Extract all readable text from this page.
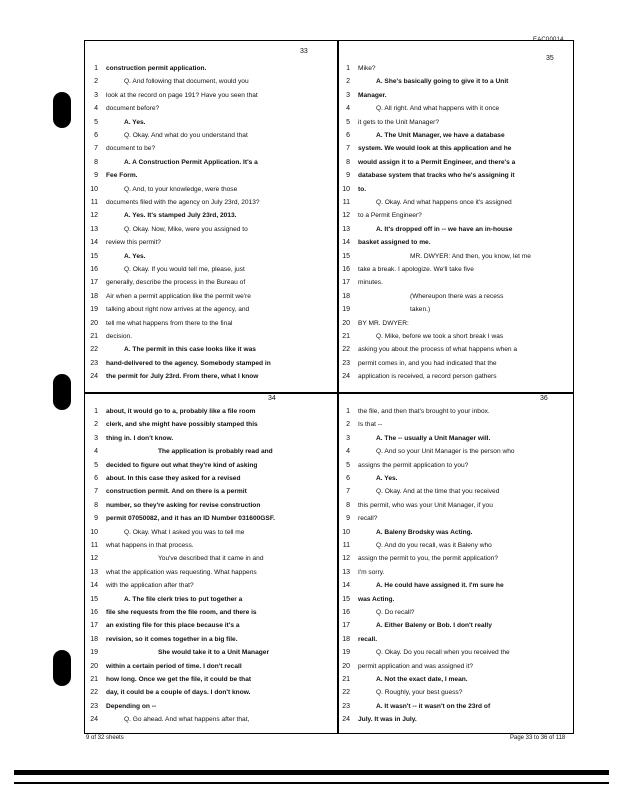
EAC00014
33
1 construction permit application.
2	Q. And following that document, would you
3 look at the record on page 191? Have you seen that
4 document before?
5	A. Yes.
6	Q. Okay. And what do you understand that
7 document to be?
8	A. A Construction Permit Application. It's a
9 Fee Form.
10	Q. And, to your knowledge, were those
11 documents filed with the agency on July 23rd, 2013?
12	A. Yes. It's stamped July 23rd, 2013.
13	Q. Okay. Now, Mike, were you assigned to
14 review this permit?
15	A. Yes.
16	Q. Okay. If you would tell me, please, just
17 generally, describe the process in the Bureau of
18 Air when a permit application like the permit we're
19 talking about right now arrives at the agency, and
20 tell me what happens from there to the final
21 decision.
22	A. The permit in this case looks like it was
23 hand-delivered to the agency. Somebody stamped in
24 the permit for July 23rd. From there, what I know
35
1 Mike?
2	A. She's basically going to give it to a Unit
3 Manager.
4	Q. All right. And what happens with it once
5 it gets to the Unit Manager?
6	A. The Unit Manager, we have a database
7 system. We would look at this application and he
8 would assign it to a Permit Engineer, and there's a
9 database system that tracks who he's assigning it
10 to.
11	Q. Okay. And what happens once it's assigned
12 to a Permit Engineer?
13	A. It's dropped off in -- we have an in-house
14 basket assigned to me.
15	MR. DWYER: And then, you know, let me
16 take a break. I apologize. We'll take five
17 minutes.
18	(Whereupon there was a recess
19	taken.)
20 BY MR. DWYER:
21	Q. Mike, before we took a short break I was
22 asking you about the process of what happens when a
23 permit comes in, and you had indicated that the
24 application is received, a record person gathers
34
1 about, it would go to a, probably like a file room
2 clerk, and she might have possibly stamped this
3 thing in. I don't know.
4	The application is probably read and
5 decided to figure out what they're kind of asking
6 about. In this case they asked for a revised
7 construction permit. And on there is a permit
8 number, so they're asking for revise construction
9 permit 07050082, and it has an ID Number 031600GSF.
10	Q. Okay. What I asked you was to tell me
11 what happens in that process.
12	You've described that it came in and
13 what the application was requesting. What happens
14 with the application after that?
15	A. The file clerk tries to put together a
16 file she requests from the file room, and there is
17 an existing file for this place because it's a
18 revision, so it comes together in a big file.
19	She would take it to a Unit Manager
20 within a certain period of time. I don't recall
21 how long. Once we get the file, it could be that
22 day, it could be a couple of days. I don't know.
23 Depending on --
24	Q. Go ahead. And what happens after that,
36
1 the file, and then that's brought to your inbox.
2 Is that --
3	A. The -- usually a Unit Manager will.
4	Q. And so your Unit Manager is the person who
5 assigns the permit application to you?
6	A. Yes.
7	Q. Okay. And at the time that you received
8 this permit, who was your Unit Manager, if you
9 recall?
10	A. Baleny Brodsky was Acting.
11	Q. And do you recall, was it Baleny who
12 assign the permit to you, the permit application?
13 I'm sorry.
14	A. He could have assigned it. I'm sure he
15 was Acting.
16	Q. Do recall?
17	A. Either Baleny or Bob. I don't really
18 recall.
19	Q. Okay. Do you recall when you received the
20 permit application and was assigned it?
21	A. Not the exact date, I mean.
22	Q. Roughly, your best guess?
23	A. It wasn't -- it wasn't on the 23rd of
24 July. It was in July.
9 of 32 sheets	Page 33 to 36 of 118
